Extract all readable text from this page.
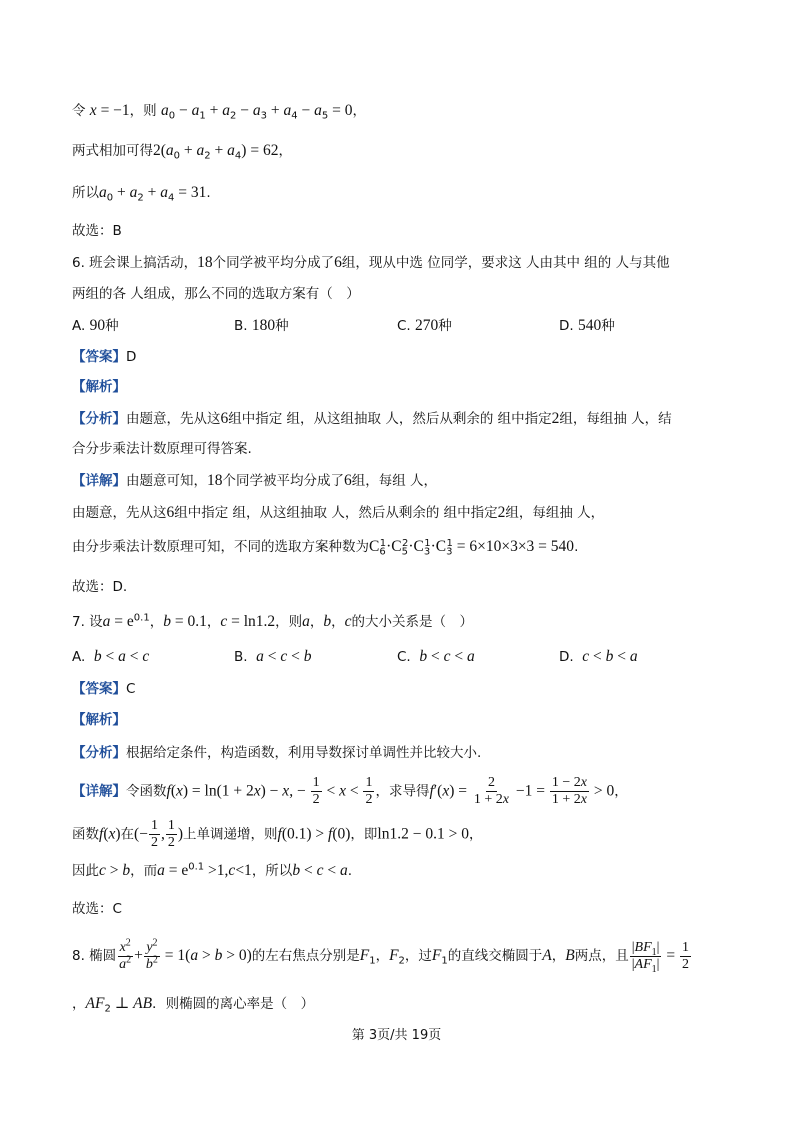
令 x = −1，则 $a_0 - a_1 + a_2 - a_3 + a_4 - a_5 = 0$，
两式相加可得$2(a_0 + a_2 + a_4) = 62$，
所以$a_0 + a_2 + a_4 = 31$.
故选：B
6. 班会课上搞活动，18个同学被平均分成了6组，现从中选 位同学，要求这 人由其中 组的 人与其他
两组的各 人组成，那么不同的选取方案有（　）
A. 90种	B. 180种	C. 270种	D. 540种
【答案】D
【解析】
【分析】由题意，先从这6组中指定 组，从这组抽取 人，然后从剩余的 组中指定2组，每组抽 人，结
合分步乘法计数原理可得答案.
【详解】由题意可知，18个同学被平均分成了6组，每组 人，
由题意，先从这6组中指定 组，从这组抽取 人，然后从剩余的 组中指定2组，每组抽 人，
由分步乘法计数原理可知，不同的选取方案种数为$C_6^1\cdot C_5^2\cdot C_3^1\cdot C_3^1 = 6\times 10\times 3\times 3 = 540$.
故选：D.
7. 设$a = e^{0.1}$，b = 0.1，c = ln1.2，则a，b，c的大小关系是（　）
A.  b < a < c	B.  a < c < b	C.  b < c < a	D.  c < b < a
【答案】C
【解析】
【分析】根据给定条件，构造函数，利用导数探讨单调性并比较大小.
【详解】令函数f(x) = ln(1 + 2x) − x, − $\frac{1}{2} < x < \frac{1}{2}$ ，求导得$f'(x) = \frac{2}{1 + 2x} -1 = \frac{1 - 2x}{1 + 2x} > 0$，
函数f(x)在(− $\frac{1}{2}$ , $\frac{1}{2}$ )上单调递增，则f(0.1) > f(0)，即ln1.2 − 0.1 > 0，
因此c > b，而$a = e^{0.1} >1,c<1$，所以b < c < a.
故选：C
8. 椭圆 $\frac{x^2}{a^2} + \frac{y^2}{b^2} = 1(a > b > 0)$的左右焦点分别是$F_1$，$F_2$，过$F_1$的直线交椭圆于A，B两点，且 $\frac{|BF_1|}{|AF_1|} = \frac{1}{2}$
，$AF_2$ ⊥ AB．则椭圆的离心率是（　）
第 3页/共 19页
